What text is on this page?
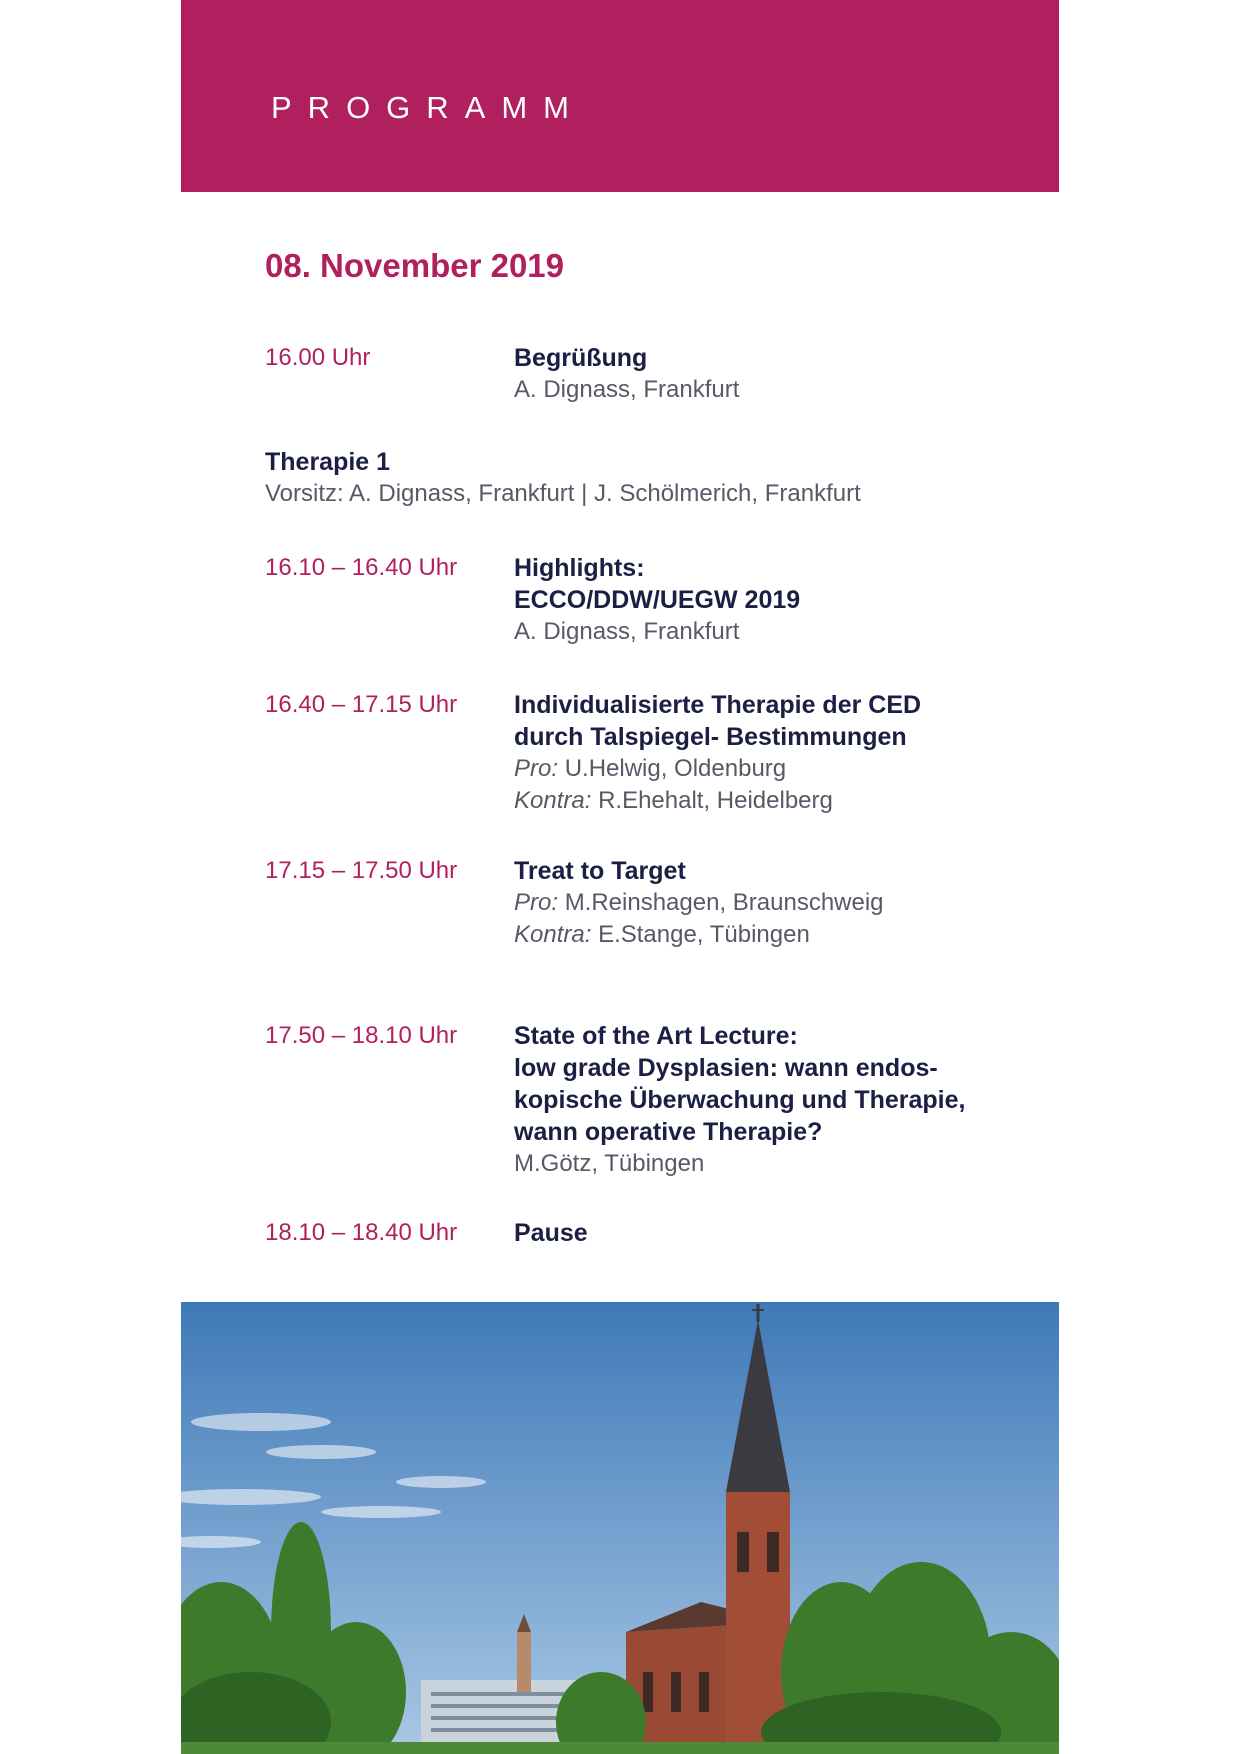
PROGRAMM
08. November 2019
16.00 Uhr	Begrüßung
A. Dignass, Frankfurt
Therapie 1
Vorsitz: A. Dignass, Frankfurt | J. Schölmerich, Frankfurt
16.10 – 16.40 Uhr Highlights:
ECCO/DDW/UEGW 2019
A. Dignass, Frankfurt
16.40 – 17.15 Uhr Individualisierte Therapie der CED
durch Talspiegel- Bestimmungen
Pro: U.Helwig, Oldenburg
Kontra: R.Ehehalt, Heidelberg
17.15 – 17.50 Uhr Treat to Target
Pro: M.Reinshagen, Braunschweig
Kontra: E.Stange, Tübingen
17.50 – 18.10 Uhr State of the Art Lecture:
low grade Dysplasien: wann endos-
kopische Überwachung und Therapie,
wann operative Therapie?
M.Götz, Tübingen
18.10 – 18.40 Uhr Pause
